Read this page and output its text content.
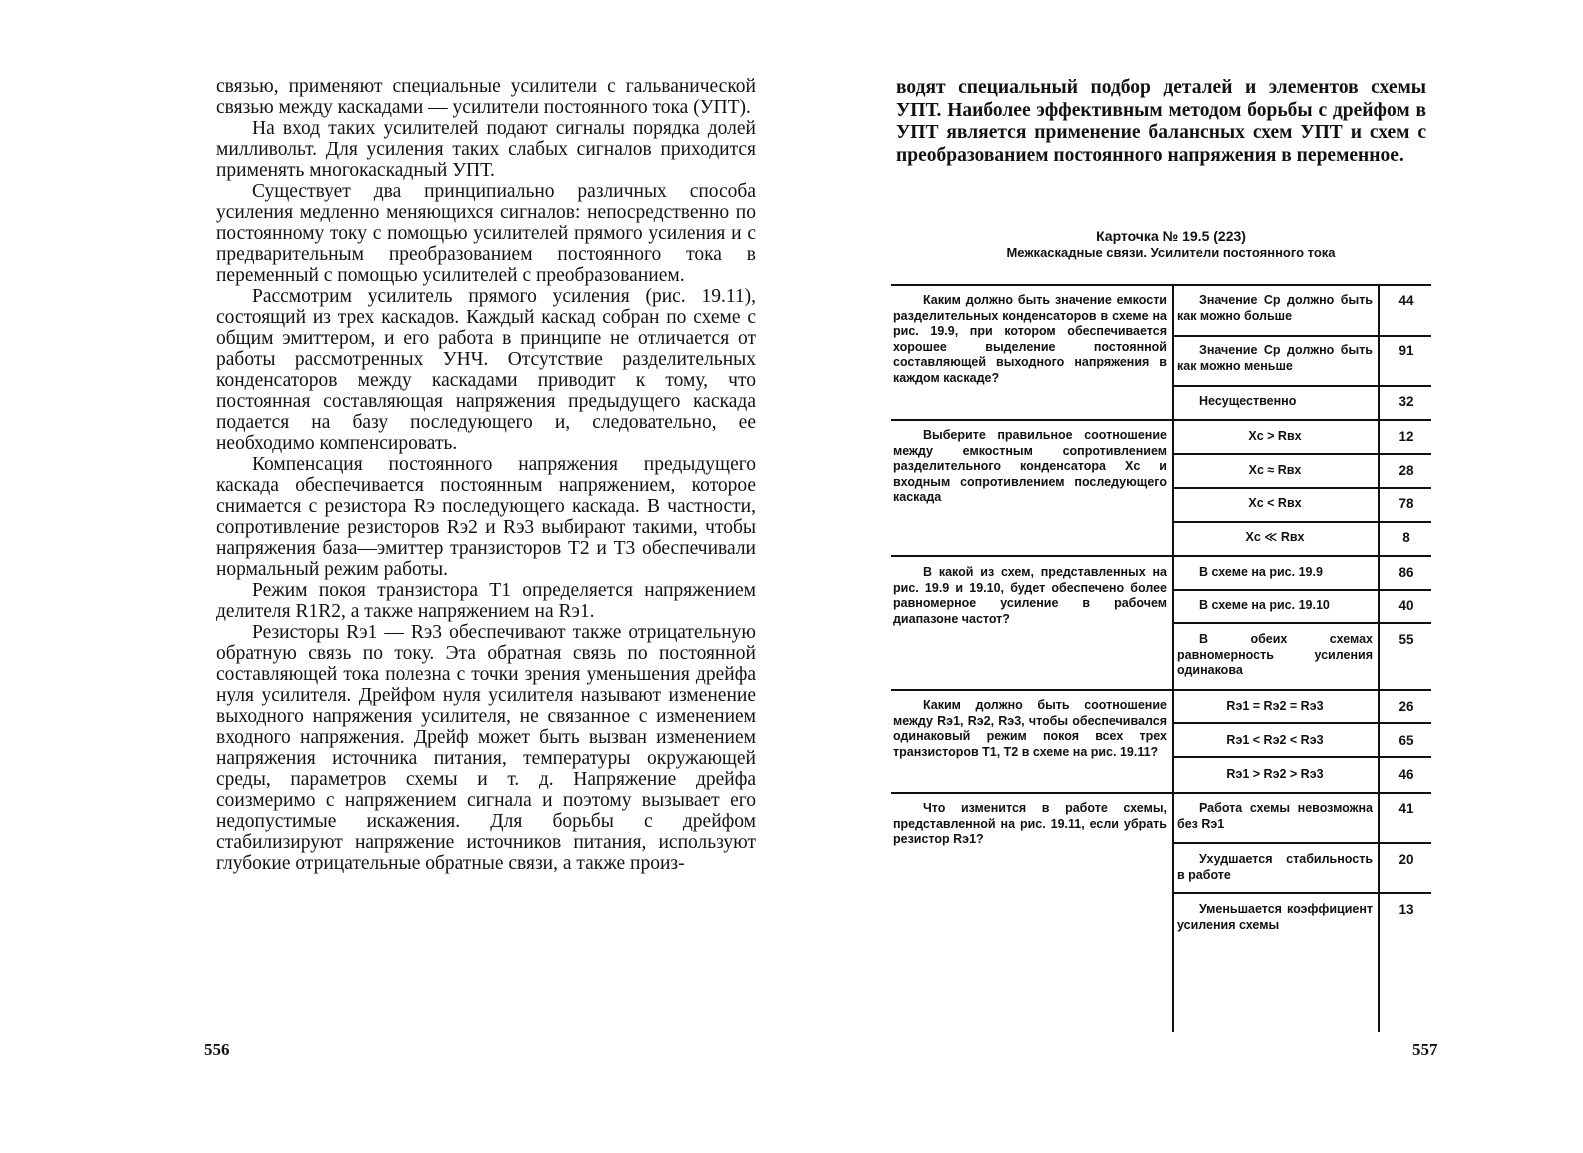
связью, применяют специальные усилители с гальванической связью между каскадами — усилители постоянного тока (УПТ).

На вход таких усилителей подают сигналы порядка долей милливольт. Для усиления таких слабых сигналов приходится применять многокаскадный УПТ.

Существует два принципиально различных способа усиления медленно меняющихся сигналов: непосредственно по постоянному току с помощью усилителей прямого усиления и с предварительным преобразованием постоянного тока в переменный с помощью усилителей с преобразованием.

Рассмотрим усилитель прямого усиления (рис. 19.11), состоящий из трех каскадов. Каждый каскад собран по схеме с общим эмиттером, и его работа в принципе не отличается от работы рассмотренных УНЧ. Отсутствие разделительных конденсаторов между каскадами приводит к тому, что постоянная составляющая напряжения предыдущего каскада подается на базу последующего и, следовательно, ее необходимо компенсировать.

Компенсация постоянного напряжения предыдущего каскада обеспечивается постоянным напряжением, которое снимается с резистора Rэ последующего каскада. В частности, сопротивление резисторов Rэ2 и Rэ3 выбирают такими, чтобы напряжения база—эмиттер транзисторов T2 и T3 обеспечивали нормальный режим работы.

Режим покоя транзистора T1 определяется напряжением делителя R1R2, а также напряжением на Rэ1.

Резисторы Rэ1 — Rэ3 обеспечивают также отрицательную обратную связь по току. Эта обратная связь по постоянной составляющей тока полезна с точки зрения уменьшения дрейфа нуля усилителя. Дрейфом нуля усилителя называют изменение выходного напряжения усилителя, не связанное с изменением входного напряжения. Дрейф может быть вызван изменением напряжения источника питания, температуры окружающей среды, параметров схемы и т. д. Напряжение дрейфа соизмеримо с напряжением сигнала и поэтому вызывает его недопустимые искажения. Для борьбы с дрейфом стабилизируют напряжение источников питания, используют глубокие отрицательные обратные связи, а также произ-

556

водят специальный подбор деталей и элементов схемы УПТ. Наиболее эффективным методом борьбы с дрейфом в УПТ является применение балансных схем УПТ и схем с преобразованием постоянного напряжения в переменное.

Карточка № 19.5 (223)
Межкаскадные связи. Усилители постоянного тока
Каким должно быть значение емкости разделительных конденсаторов в схеме на рис. 19.9, при котором обеспечивается хорошее выделение постоянной составляющей выходного напряжения в каждом каскаде?
Выберите правильное соотношение между емкостным сопротивлением разделительного конденсатора Xc и входным сопротивлением последующего каскада
В какой из схем, представленных на рис. 19.9 и 19.10, будет обеспечено более равномерное усиление в рабочем диапазоне частот?
Каким должно быть соотношение между Rэ1, Rэ2, Rэ3, чтобы обеспечивался одинаковый режим покоя всех трех транзисторов T1, T2 в схеме на рис. 19.11?
Что изменится в работе схемы, представленной на рис. 19.11, если убрать резистор Rэ1?
Значение Cp должно быть как можно больше
Значение Cp должно быть как можно меньше
Несущественно
Xc > Rвх
Xc ≈ Rвх
Xc < Rвх
Xc ≪ Rвх
В схеме на рис. 19.9
В схеме на рис. 19.10
В обеих схемах равномерность усиления одинакова
Rэ1 = Rэ2 = Rэ3
Rэ1 < Rэ2 < Rэ3
Rэ1 > Rэ2 > Rэ3
Работа схемы невозможна без Rэ1
Ухудшается стабильность в работе
Уменьшается коэффициент усиления схемы
44
91
32
12
28
78
8
86
40
55
26
65
46
41
20
13
557
